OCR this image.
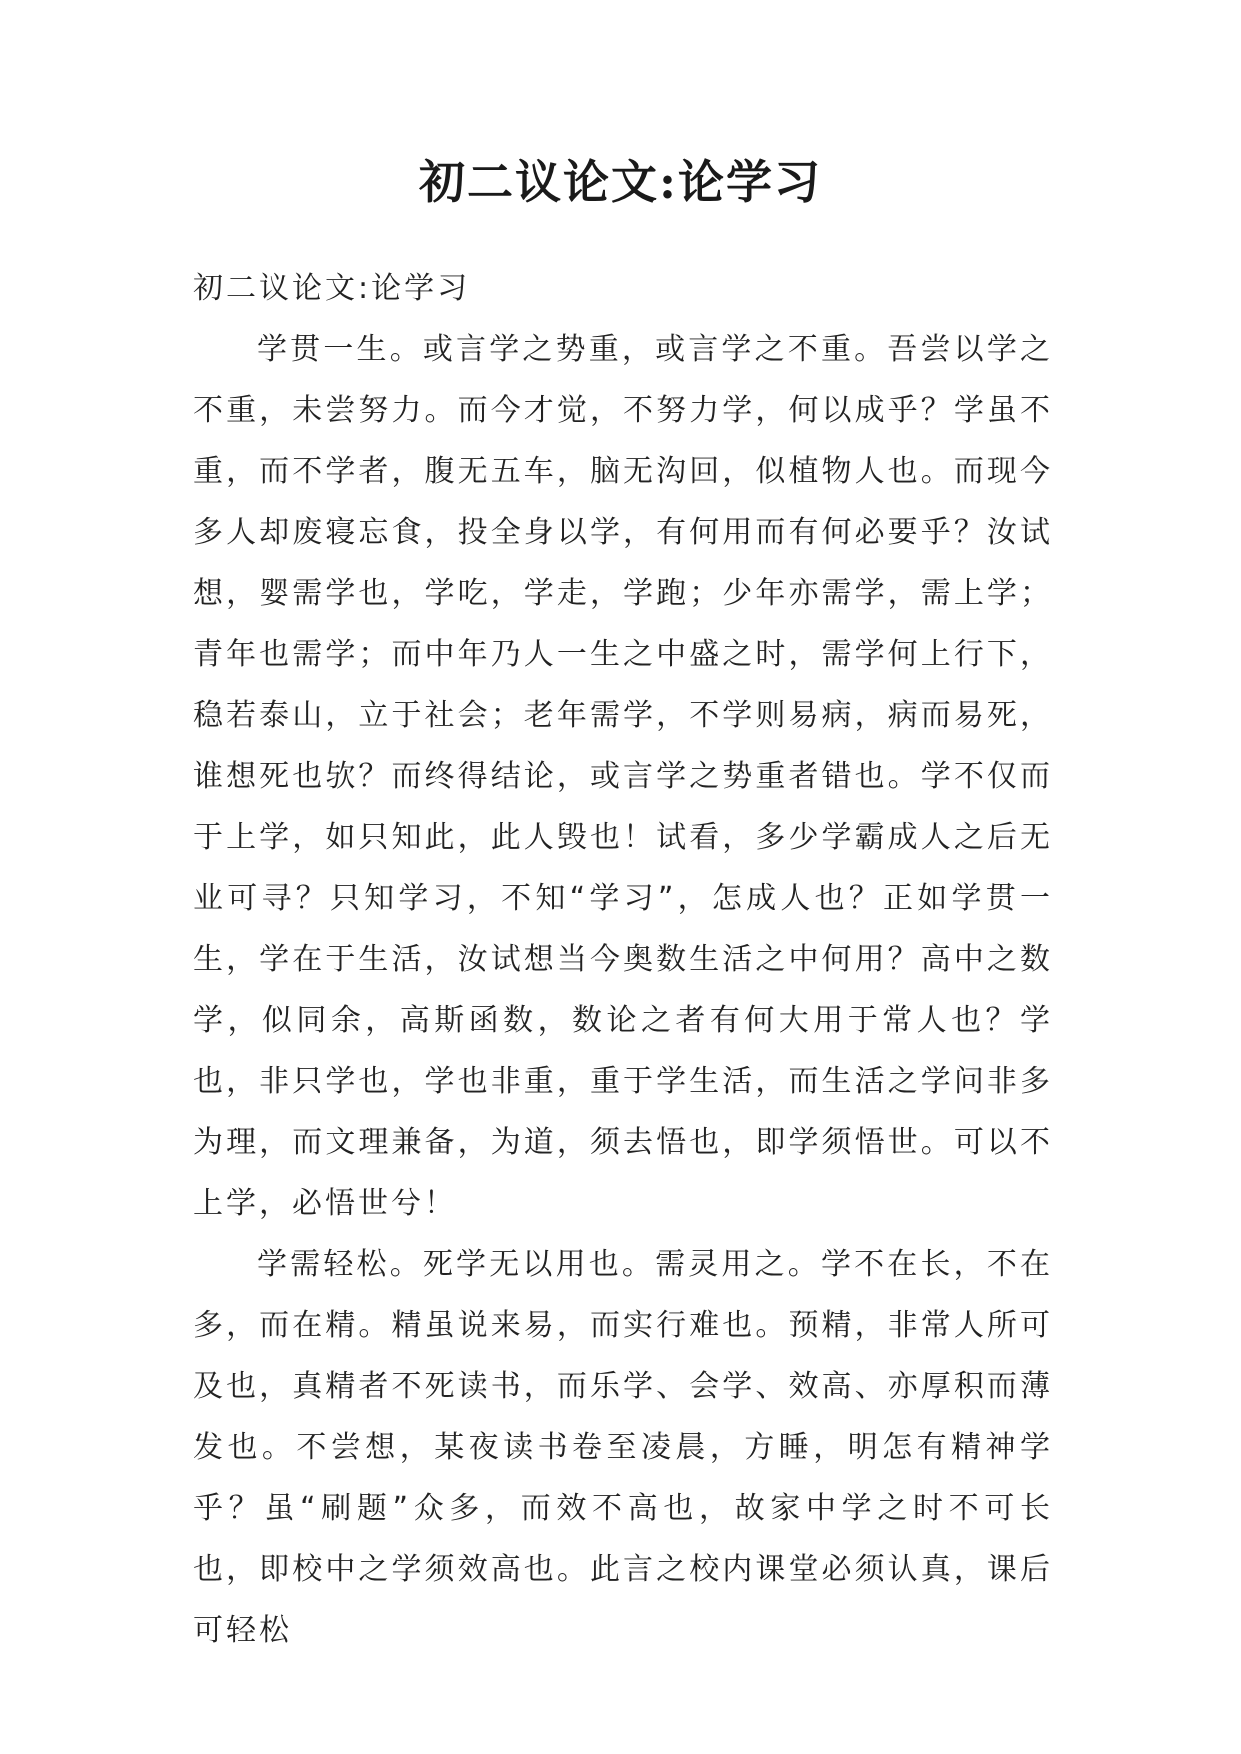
初二议论文:论学习

初二议论文:论学习

学贯一生。或言学之势重，或言学之不重。吾尝以学之不重，未尝努力。而今才觉，不努力学，何以成乎？学虽不重，而不学者，腹无五车，脑无沟回，似植物人也。而现今多人却废寝忘食，投全身以学，有何用而有何必要乎？汝试想，婴需学也，学吃，学走，学跑；少年亦需学，需上学；青年也需学；而中年乃人一生之中盛之时，需学何上行下，稳若泰山，立于社会；老年需学，不学则易病，病而易死，谁想死也欤？而终得结论，或言学之势重者错也。学不仅而于上学，如只知此，此人毁也！试看，多少学霸成人之后无业可寻？只知学习，不知“学习”，怎成人也？正如学贯一生，学在于生活，汝试想当今奥数生活之中何用？高中之数学，似同余，高斯函数，数论之者有何大用于常人也？学也，非只学也，学也非重，重于学生活，而生活之学问非多为理，而文理兼备，为道，须去悟也，即学须悟世。可以不上学，必悟世兮！

学需轻松。死学无以用也。需灵用之。学不在长，不在多，而在精。精虽说来易，而实行难也。预精，非常人所可及也，真精者不死读书，而乐学、会学、效高、亦厚积而薄发也。不尝想，某夜读书卷至凌晨，方睡，明怎有精神学乎？虽“刷题”众多，而效不高也，故家中学之时不可长也，即校中之学须效高也。此言之校内课堂必须认真，课后可轻松
